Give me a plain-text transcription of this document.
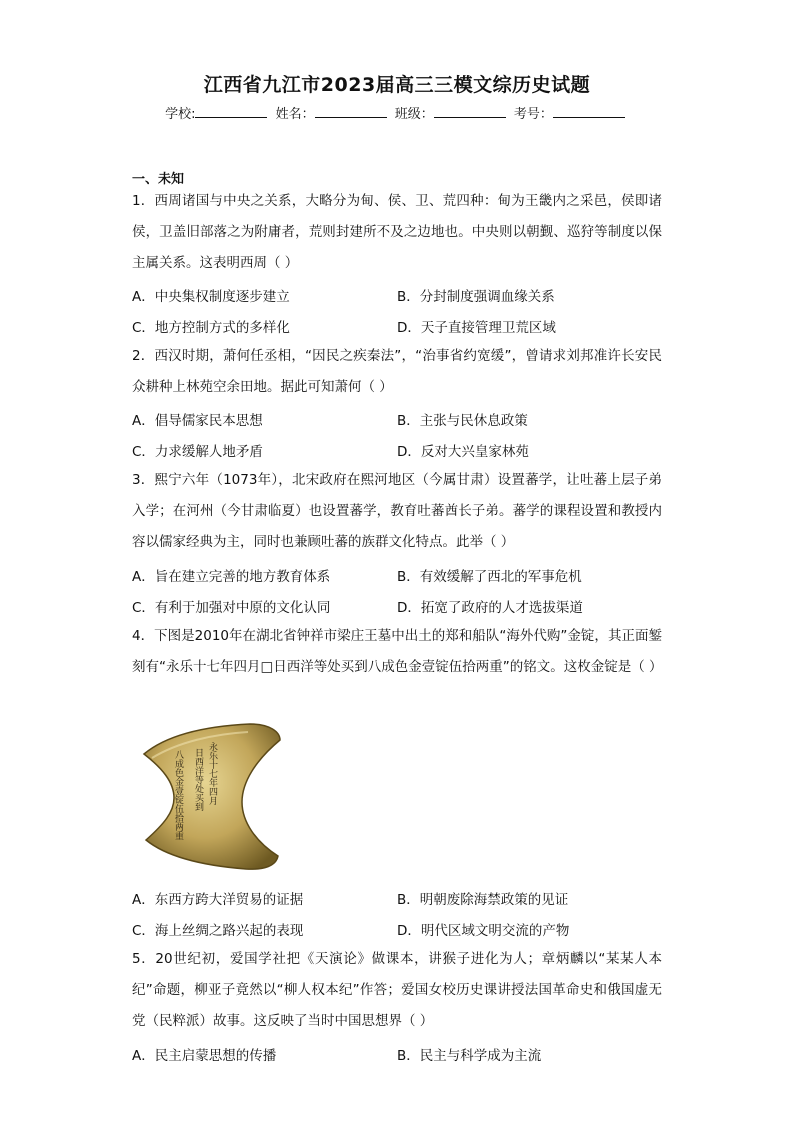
江西省九江市2023届高三三模文综历史试题
学校:	姓名：	班级：	考号：
一、未知
1．西周诸国与中央之关系，大略分为甸、侯、卫、荒四种：甸为王畿内之采邑，侯即诸侯，卫盖旧部落之为附庸者，荒则封建所不及之边地也。中央则以朝觐、巡狩等制度以保主属关系。这表明西周（ ）
A．中央集权制度逐步建立	B．分封制度强调血缘关系
C．地方控制方式的多样化	D．天子直接管理卫荒区域
2．西汉时期，萧何任丞相，“因民之疾秦法”，“治事省约宽缓”，曾请求刘邦准许长安民众耕种上林苑空余田地。据此可知萧何（ ）
A．倡导儒家民本思想	B．主张与民休息政策
C．力求缓解人地矛盾	D．反对大兴皇家林苑
3．熙宁六年（1073年），北宋政府在熙河地区（今属甘肃）设置蕃学，让吐蕃上层子弟入学；在河州（今甘肃临夏）也设置蕃学，教育吐蕃酋长子弟。蕃学的课程设置和教授内容以儒家经典为主，同时也兼顾吐蕃的族群文化特点。此举（ ）
A．旨在建立完善的地方教育体系	B．有效缓解了西北的军事危机
C．有利于加强对中原的文化认同	D．拓宽了政府的人才选拔渠道
4．下图是2010年在湖北省钟祥市梁庄王墓中出土的郑和船队“海外代购”金锭，其正面錾刻有“永乐十七年四月□日西洋等处买到八成色金壹锭伍拾两重”的铭文。这枚金锭是（ ）
永乐十七年四月
日西洋等处买到
八成色金壹锭伍拾两重
A．东西方跨大洋贸易的证据	B．明朝废除海禁政策的见证
C．海上丝绸之路兴起的表现	D．明代区域文明交流的产物
5．20世纪初，爱国学社把《天演论》做课本，讲猴子进化为人；章炳麟以“某某人本纪”命题，柳亚子竟然以“柳人权本纪”作答；爱国女校历史课讲授法国革命史和俄国虚无党（民粹派）故事。这反映了当时中国思想界（ ）
A．民主启蒙思想的传播	B．民主与科学成为主流
